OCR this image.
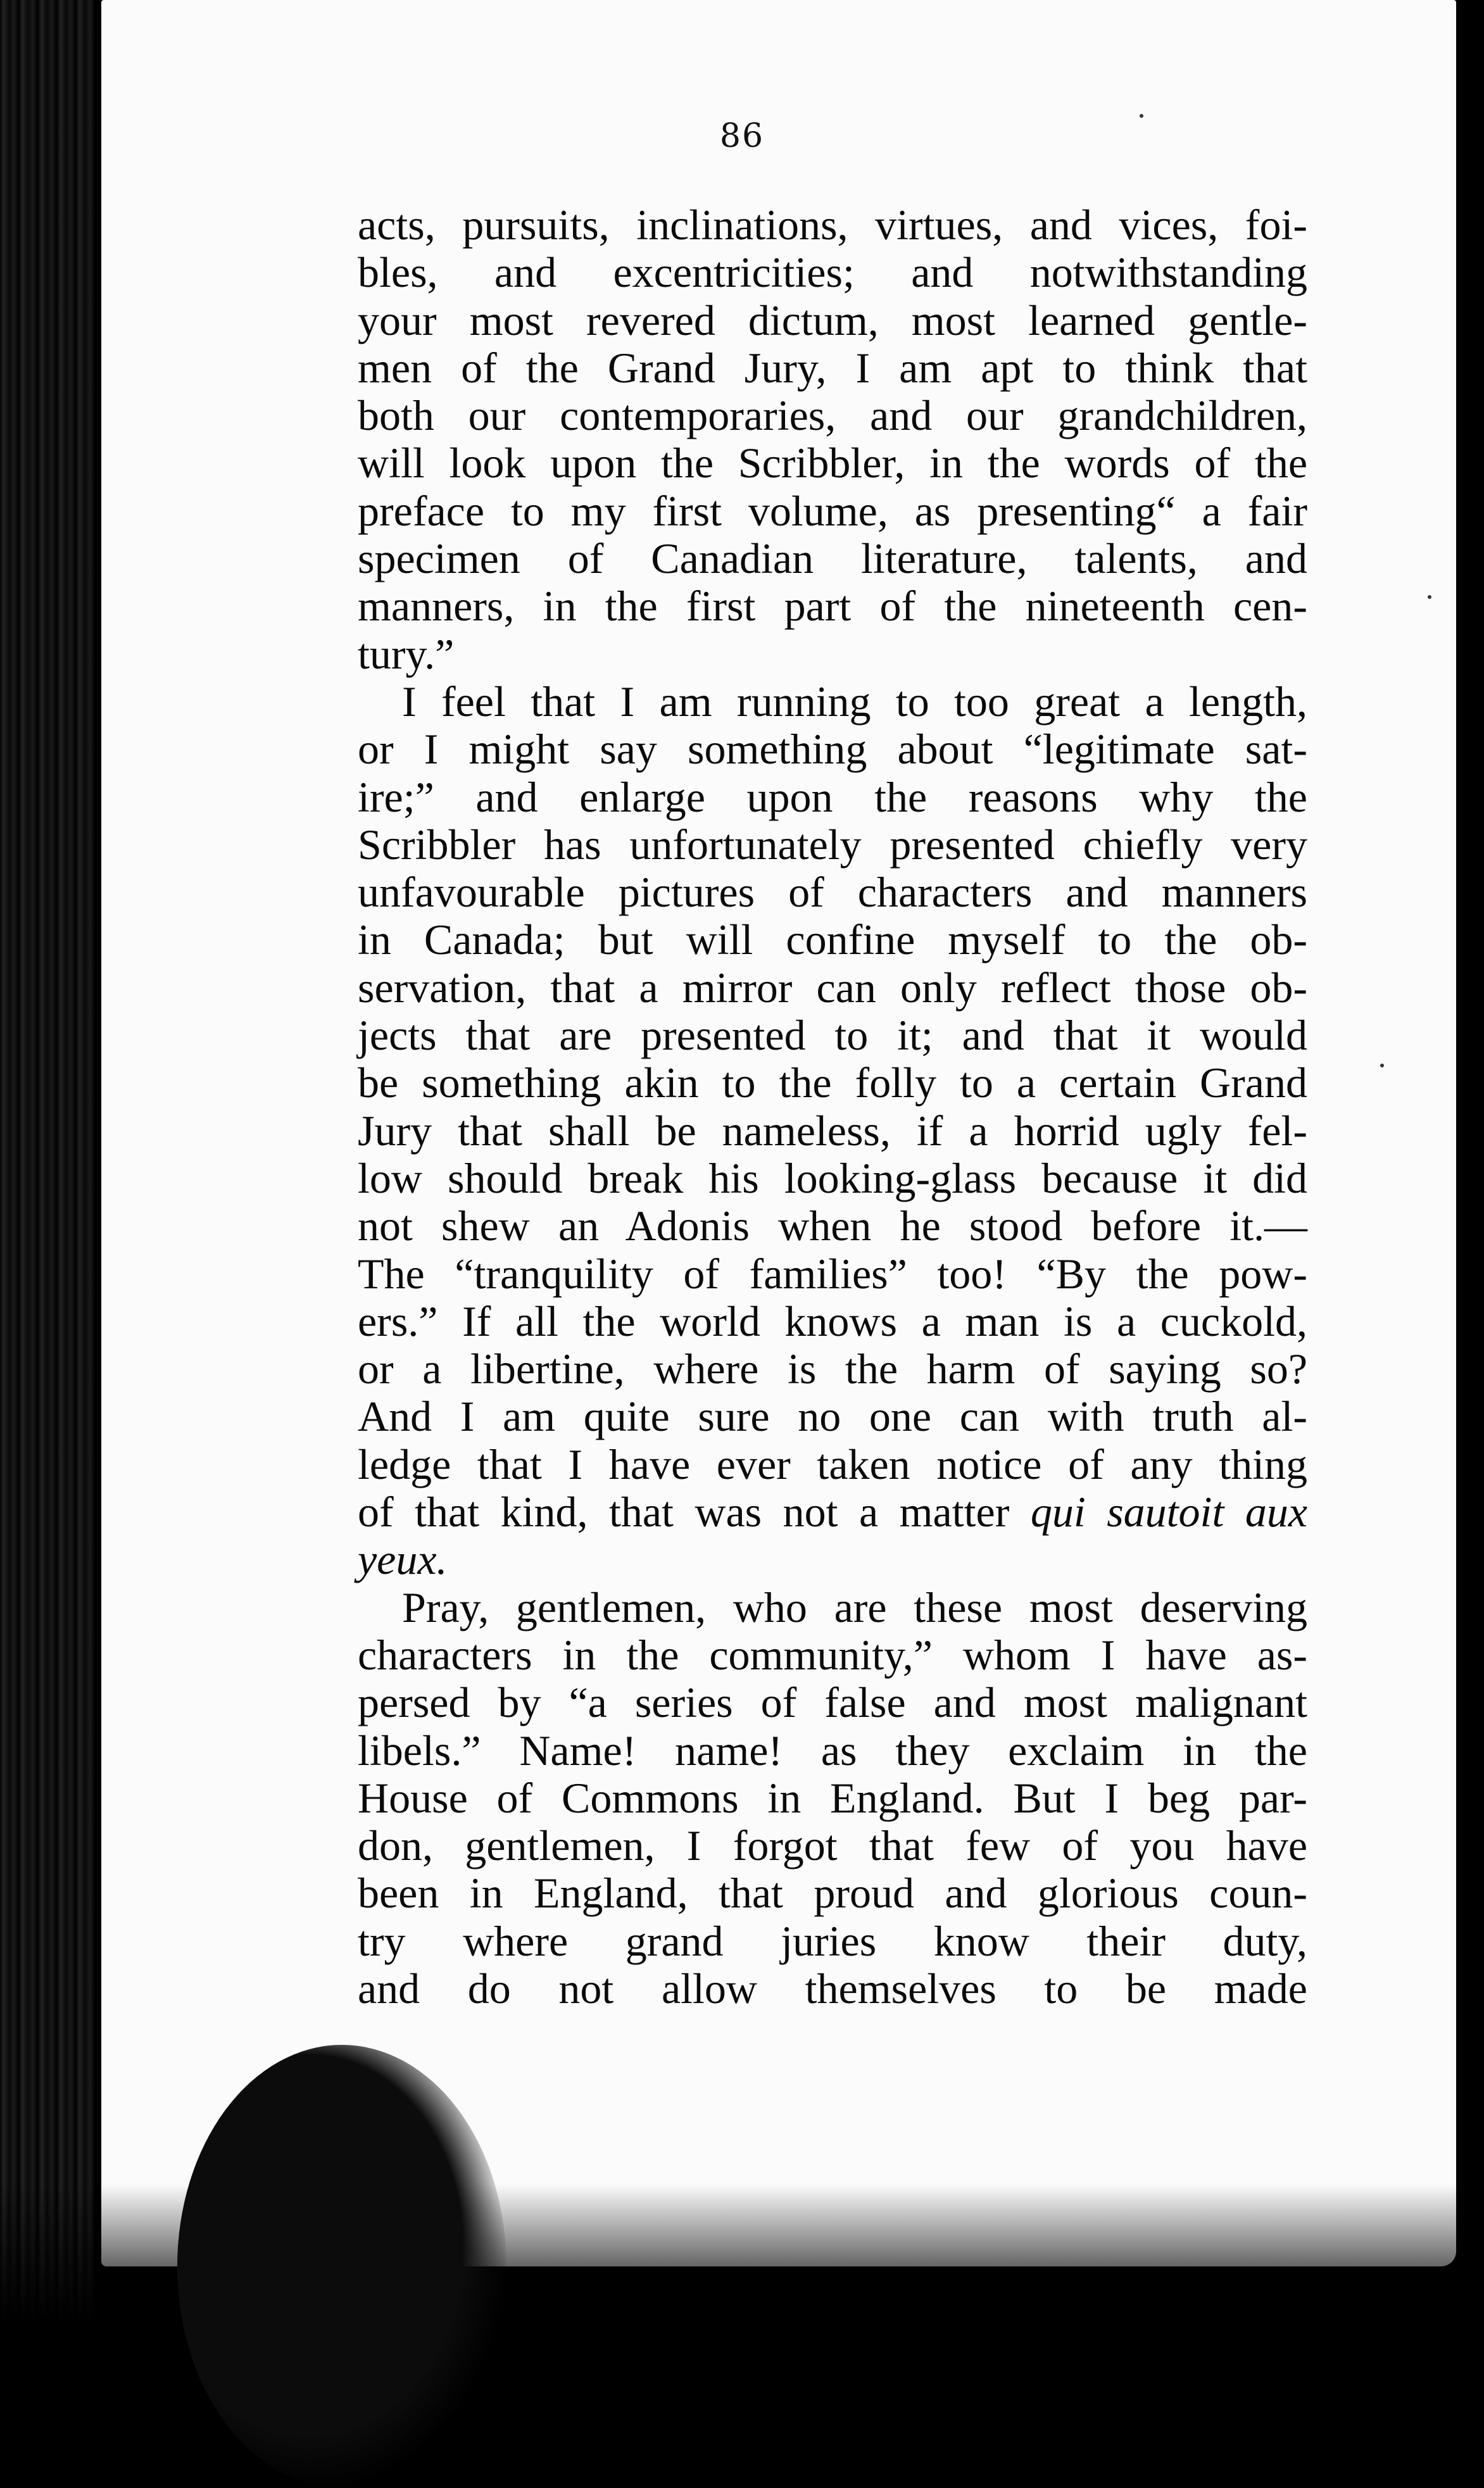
86
acts, pursuits, inclinations, virtues, and vices, foi-
bles, and excentricities; and notwithstanding
your most revered dictum, most learned gentle-
men of the Grand Jury, I am apt to think that
both our contemporaries, and our grandchildren,
will look upon the Scribbler, in the words of the
preface to my first volume, as presenting“ a fair
specimen of Canadian literature, talents, and
manners, in the first part of the nineteenth cen-
tury.”
I feel that I am running to too great a length,
or I might say something about “legitimate sat-
ire;” and enlarge upon the reasons why the
Scribbler has unfortunately presented chiefly very
unfavourable pictures of characters and manners
in Canada; but will confine myself to the ob-
servation, that a mirror can only reflect those ob-
jects that are presented to it; and that it would
be something akin to the folly to a certain Grand
Jury that shall be nameless, if a horrid ugly fel-
low should break his looking-glass because it did
not shew an Adonis when he stood before it.—
The “tranquility of families” too! “By the pow-
ers.” If all the world knows a man is a cuckold,
or a libertine, where is the harm of saying so?
And I am quite sure no one can with truth al-
ledge that I have ever taken notice of any thing
of that kind, that was not a matter qui sautoit aux
yeux.
Pray, gentlemen, who are these most deserving
characters in the community,” whom I have as-
persed by “a series of false and most malignant
libels.” Name! name! as they exclaim in the
House of Commons in England. But I beg par-
don, gentlemen, I forgot that few of you have
been in England, that proud and glorious coun-
try where grand juries know their duty,
and do not allow themselves to be made
